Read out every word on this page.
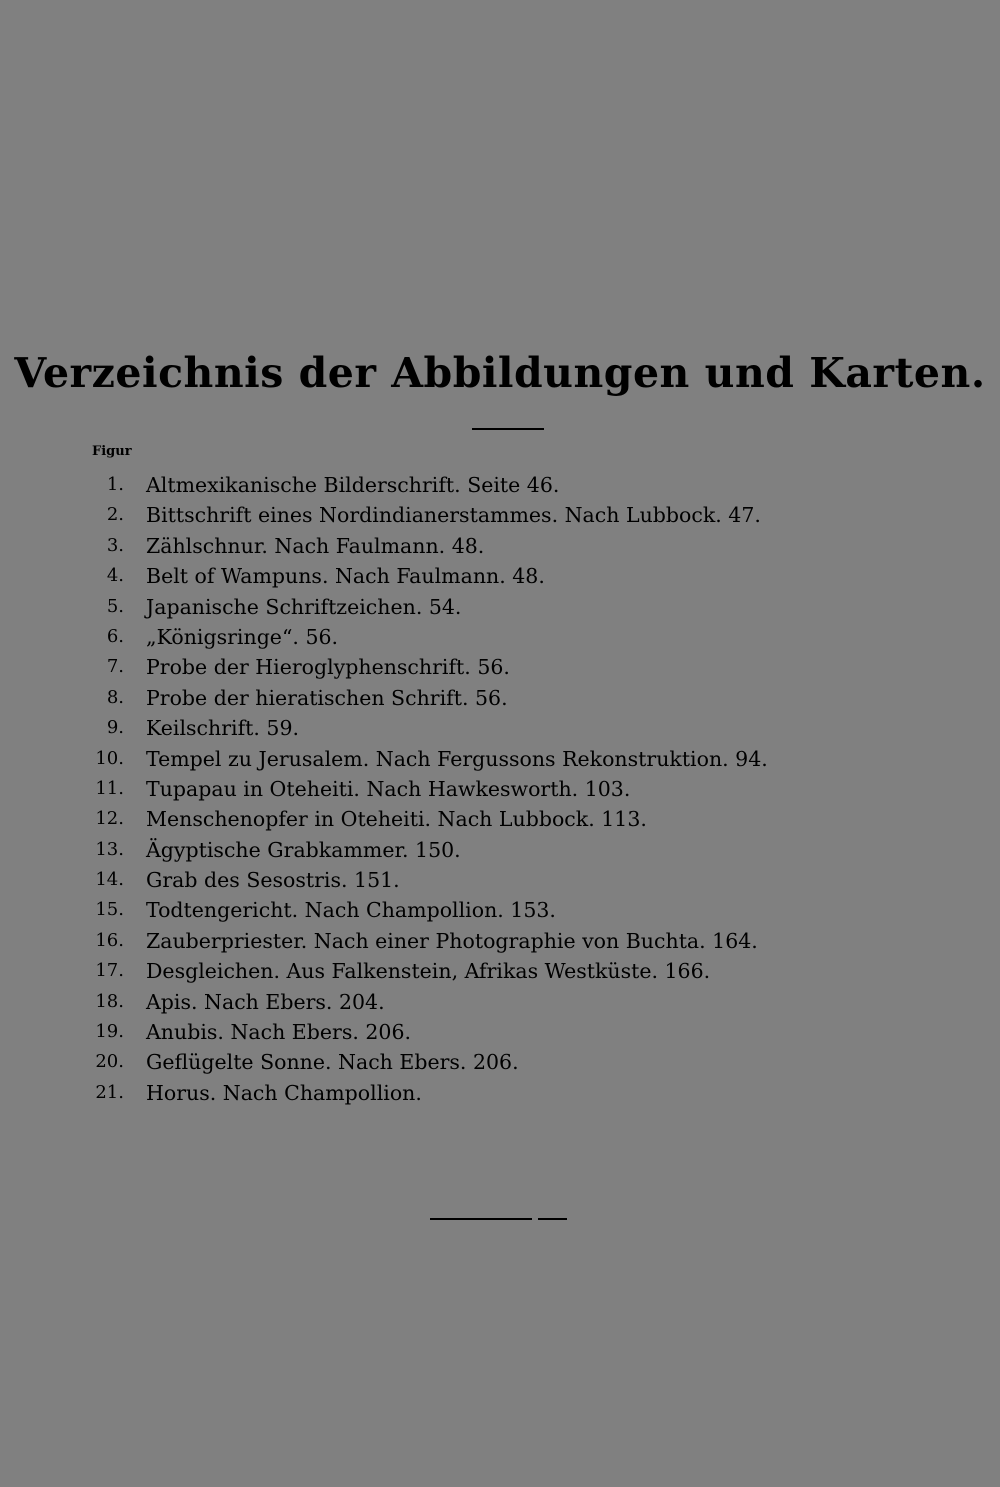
Verzeichnis der Abbildungen und Karten.
Figur
1. Altmexikanische Bilderschrift. Seite 46.
2. Bittschrift eines Nordindianerstammes. Nach Lubbock. 47.
3. Zählschnur. Nach Faulmann. 48.
4. Belt of Wampuns. Nach Faulmann. 48.
5. Japanische Schriftzeichen. 54.
6. „Königsringe“. 56.
7. Probe der Hieroglyphenschrift. 56.
8. Probe der hieratischen Schrift. 56.
9. Keilschrift. 59.
10. Tempel zu Jerusalem. Nach Fergussons Rekonstruktion. 94.
11. Tupapau in Oteheiti. Nach Hawkesworth. 103.
12. Menschenopfer in Oteheiti. Nach Lubbock. 113.
13. Ägyptische Grabkammer. 150.
14. Grab des Sesostris. 151.
15. Todtengericht. Nach Champollion. 153.
16. Zauberpriester. Nach einer Photographie von Buchta. 164.
17. Desgleichen. Aus Falkenstein, Afrikas Westküste. 166.
18. Apis. Nach Ebers. 204.
19. Anubis. Nach Ebers. 206.
20. Geflügelte Sonne. Nach Ebers. 206.
21. Horus. Nach Champollion.
